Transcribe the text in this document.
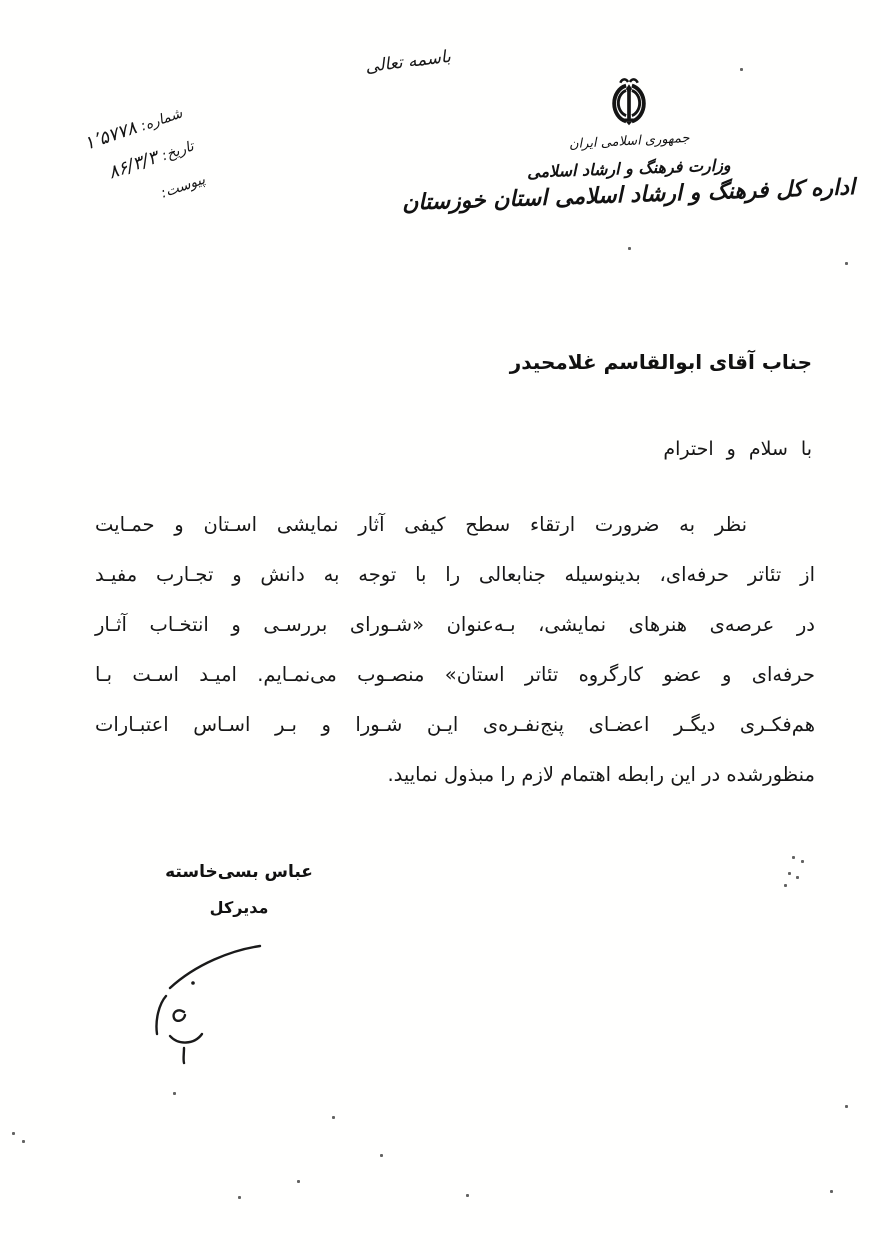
شماره: ۱٬۵۷۷۸	تاریخ: ۸۶/۳/۳
پیوست:
باسمه تعالی
جمهوری اسلامی ایران
وزارت فرهنگ و ارشاد اسلامی
اداره کل فرهنگ و ارشاد اسلامی استان خوزستان
جناب آقای ابوالقاسم غلامحیدر
با سلام و احترام
نظر به ضرورت ارتقاء سطح کیفی آثار نمایشی اسـتان و حمـایت
از تئاتر حرفه‌ای، بدینوسیله جنابعالی را با توجه به دانش و تجـارب مفیـد
در عرصه‌ی هنرهای نمایشی، بـه‌عنوان «شـورای بررسـی و انتخـاب آثـار
حرفه‌ای و عضو کارگروه تئاتر استان» منصـوب می‌نمـایم. امیـد اسـت بـا
هم‌فکـری دیگـر اعضـای پنج‌نفـره‌ی ایـن شـورا و بـر اسـاس اعتبـارات
منظورشده در این رابطه اهتمام لازم را مبذول نمایید.
عباس بسی‌خاسته
مدیرکل
